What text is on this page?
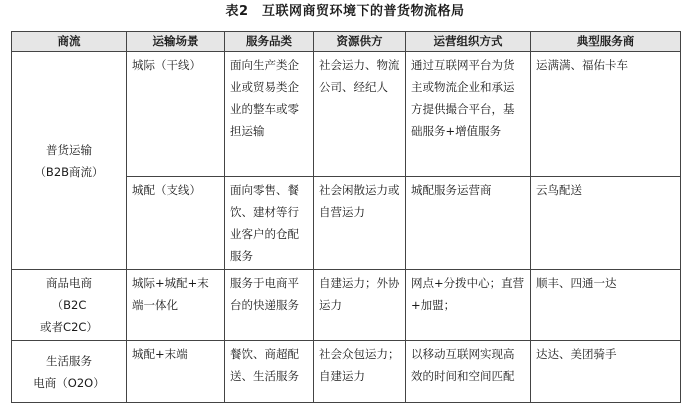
表2　互联网商贸环境下的普货物流格局
商流	运输场景	服务品类	资源供方	运营组织方式	典型服务商

普货运输
（B2B商流）	城际（干线）	面向生产类企业或贸易类企业的整车或零担运输	社会运力、物流公司、经纪人	通过互联网平台为货主或物流企业和承运方提供撮合平台，基础服务+增值服务	运满满、福佑卡车
	城配（支线）	面向零售、餐饮、建材等行业客户的仓配服务	社会闲散运力或自营运力	城配服务运营商	云鸟配送

商品电商
（B2C
或者C2C）	城际+城配+末端一体化	服务于电商平台的快递服务	自建运力；外协运力	网点+分拨中心；直营+加盟；	顺丰、四通一达

生活服务
电商（O2O）	城配+末端	餐饮、商超配送、生活服务	社会众包运力；自建运力	以移动互联网实现高效的时间和空间匹配	达达、美团骑手
